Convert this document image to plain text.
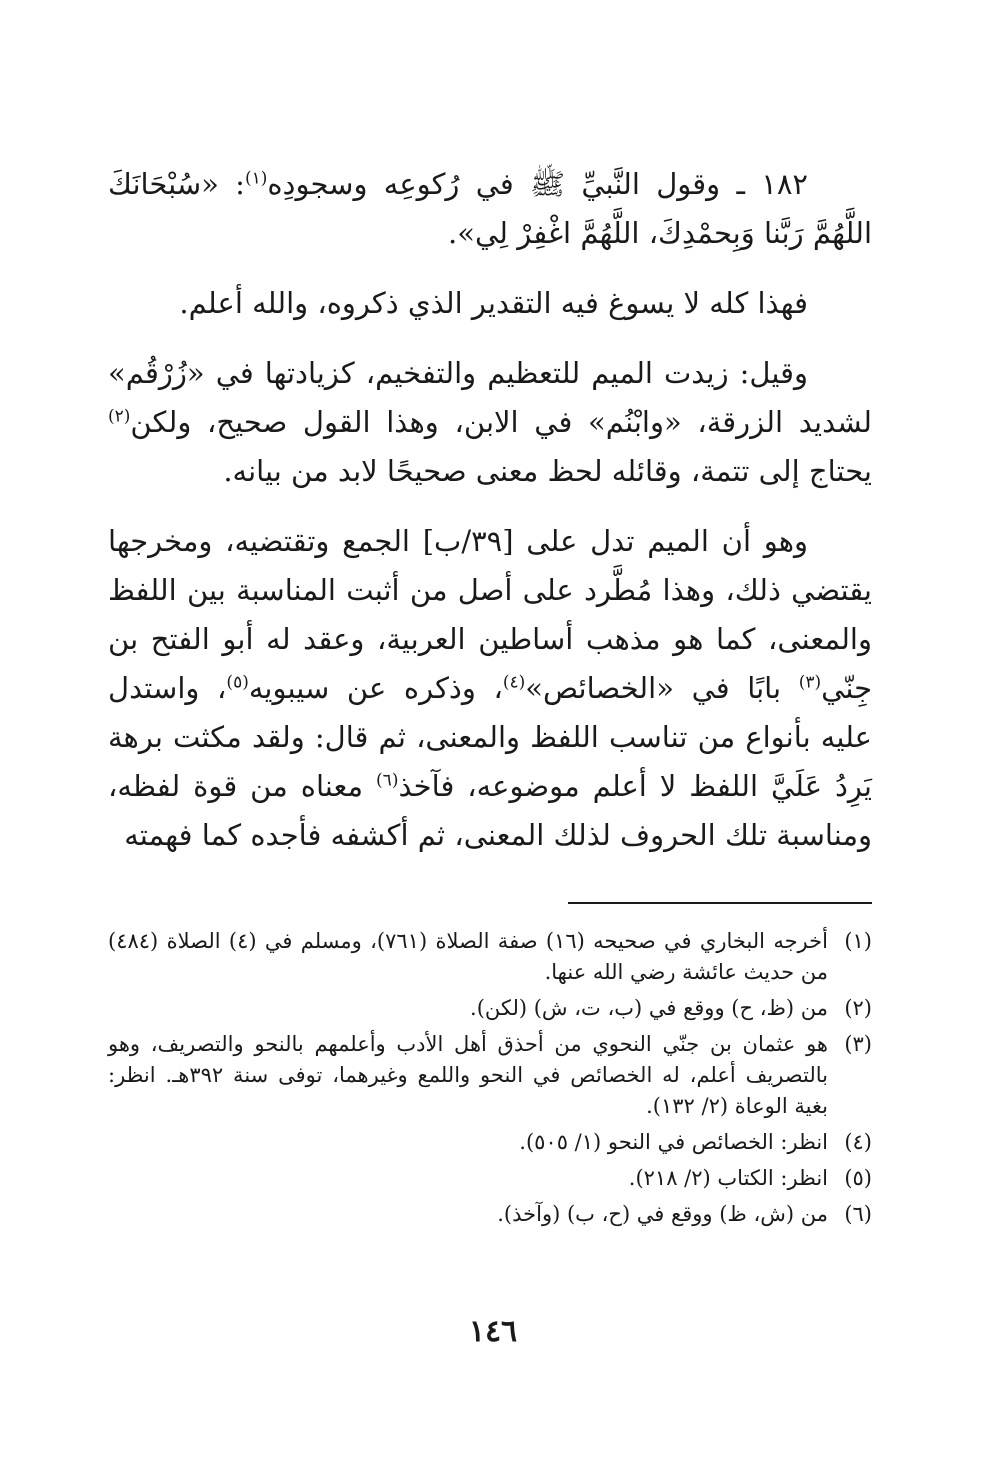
١٨٢ ـ وقول النَّبيِّ ﷺ في رُكوعِه وسجودِه$^{(١)}$: «سُبْحَانَكَ اللَّهُمَّ رَبَّنا وَبِحمْدِكَ، اللَّهُمَّ اغْفِرْ لِي».

فهذا كله لا يسوغ فيه التقدير الذي ذكروه، والله أعلم.

وقيل: زيدت الميم للتعظيم والتفخيم، كزيادتها في «زُرْقُم» لشديد الزرقة، «وابْنُم» في الابن، وهذا القول صحيح، ولكن$^{(٢)}$ يحتاج إلى تتمة، وقائله لحظ معنى صحيحًا لابد من بيانه.

وهو أن الميم تدل على [٣٩/ب] الجمع وتقتضيه، ومخرجها يقتضي ذلك، وهذا مُطَّرد على أصل من أثبت المناسبة بين اللفظ والمعنى، كما هو مذهب أساطين العربية، وعقد له أبو الفتح بن جِنّي$^{(٣)}$ بابًا في «الخصائص»$^{(٤)}$، وذكره عن سيبويه$^{(٥)}$، واستدل عليه بأنواع من تناسب اللفظ والمعنى، ثم قال: ولقد مكثت برهة يَرِدُ عَلَيَّ اللفظ لا أعلم موضوعه، فآخذ$^{(٦)}$ معناه من قوة لفظه، ومناسبة تلك الحروف لذلك المعنى، ثم أكشفه فأجده كما فهمته

(١)
أخرجه البخاري في صحيحه (١٦) صفة الصلاة (٧٦١)، ومسلم في (٤) الصلاة (٤٨٤) من حديث عائشة رضي الله عنها.
(٢)
من (ظ، ح) ووقع في (ب، ت، ش) (لكن).
(٣)
هو عثمان بن جنّي النحوي من أحذق أهل الأدب وأعلمهم بالنحو والتصريف، وهو بالتصريف أعلم، له الخصائص في النحو واللمع وغيرهما، توفى سنة ٣٩٢هـ. انظر: بغية الوعاة (٢/ ١٣٢).
(٤)
انظر: الخصائص في النحو (١/ ٥٠٥).
(٥)
انظر: الكتاب (٢/ ٢١٨).
(٦)
من (ش، ظ) ووقع في (ح، ب) (وآخذ).
١٤٦
